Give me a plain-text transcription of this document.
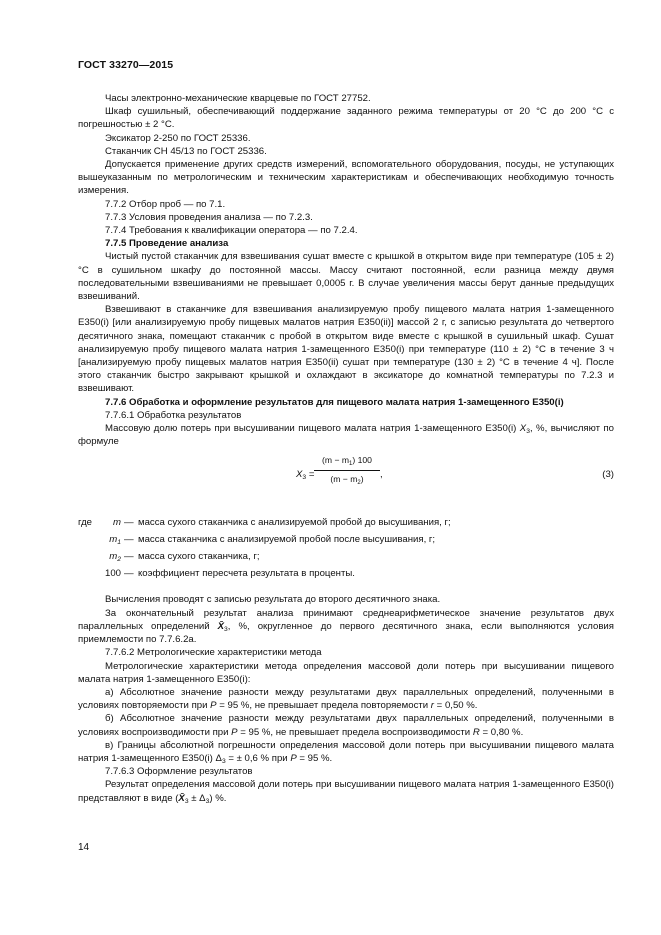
ГОСТ 33270—2015

Часы электронно-механические кварцевые по ГОСТ 27752.

Шкаф сушильный, обеспечивающий поддержание заданного режима температуры от 20 °С до 200 °С с погрешностью ± 2 °С.

Эксикатор 2-250 по ГОСТ 25336.

Стаканчик СН 45/13 по ГОСТ 25336.

Допускается применение других средств измерений, вспомогательного оборудования, посуды, не уступающих вышеуказанным по метрологическим и техническим характеристикам и обеспечивающих необходимую точность измерения.

7.7.2 Отбор проб — по 7.1.

7.7.3 Условия проведения анализа — по 7.2.3.

7.7.4 Требования к квалификации оператора — по 7.2.4.

7.7.5 Проведение анализа

Чистый пустой стаканчик для взвешивания сушат вместе с крышкой в открытом виде при температуре (105 ± 2) °С в сушильном шкафу до постоянной массы. Массу считают постоянной, если разница между двумя последовательными взвешиваниями не превышает 0,0005 г. В случае увеличения массы берут данные предыдущих взвешиваний.

Взвешивают в стаканчике для взвешивания анализируемую пробу пищевого малата натрия 1-замещенного Е350(i) [или анализируемую пробу пищевых малатов натрия Е350(ii)] массой 2 г, с записью результата до четвертого десятичного знака, помещают стаканчик с пробой в открытом виде вместе с крышкой в сушильный шкаф. Сушат анализируемую пробу пищевого малата натрия 1-замещенного Е350(i) при температуре (110 ± 2) °С в течение 3 ч [анализируемую пробу пищевых малатов натрия Е350(ii) сушат при температуре (130 ± 2) °С в течение 4 ч]. После этого стаканчик быстро закрывают крышкой и охлаждают в эксикаторе до комнатной температуры по 7.2.3 и взвешивают.

7.7.6 Обработка и оформление результатов для пищевого малата натрия 1-замещенного Е350(i)

7.7.6.1 Обработка результатов

Массовую долю потерь при высушивании пищевого малата натрия 1-замещенного Е350(i) $X_3$, %, вычисляют по формуле

$X_3 = \frac{(m - m_1) 100}{(m - m_2)}$ ,	(3)
где	m — масса сухого стаканчика с анализируемой пробой до высушивания, г;
$m_1$ — масса стаканчика с анализируемой пробой после высушивания, г;
$m_2$ — масса сухого стаканчика, г;
100 — коэффициент пересчета результата в проценты.

Вычисления проводят с записью результата до второго десятичного знака.

За окончательный результат анализа принимают среднеарифметическое значение результатов двух параллельных определений $X̄_3$, %, округленное до первого десятичного знака, если выполняются условия приемлемости по 7.7.6.2а.

7.7.6.2 Метрологические характеристики метода

Метрологические характеристики метода определения массовой доли потерь при высушивании пищевого малата натрия 1-замещенного Е350(i):

а) Абсолютное значение разности между результатами двух параллельных определений, полученными в условиях повторяемости при P = 95 %, не превышает предела повторяемости r = 0,50 %.

б) Абсолютное значение разности между результатами двух параллельных определений, полученными в условиях воспроизводимости при P = 95 %, не превышает предела воспроизводимости R = 0,80 %.

в) Границы абсолютной погрешности определения массовой доли потерь при высушивании пищевого малата натрия 1-замещенного Е350(i) $\Delta_3$ = ± 0,6 % при P = 95 %.

7.7.6.3 Оформление результатов

Результат определения массовой доли потерь при высушивании пищевого малата натрия 1-замещенного Е350(i) представляют в виде $(X̄_3 \pm \Delta_3)$ %.

14
